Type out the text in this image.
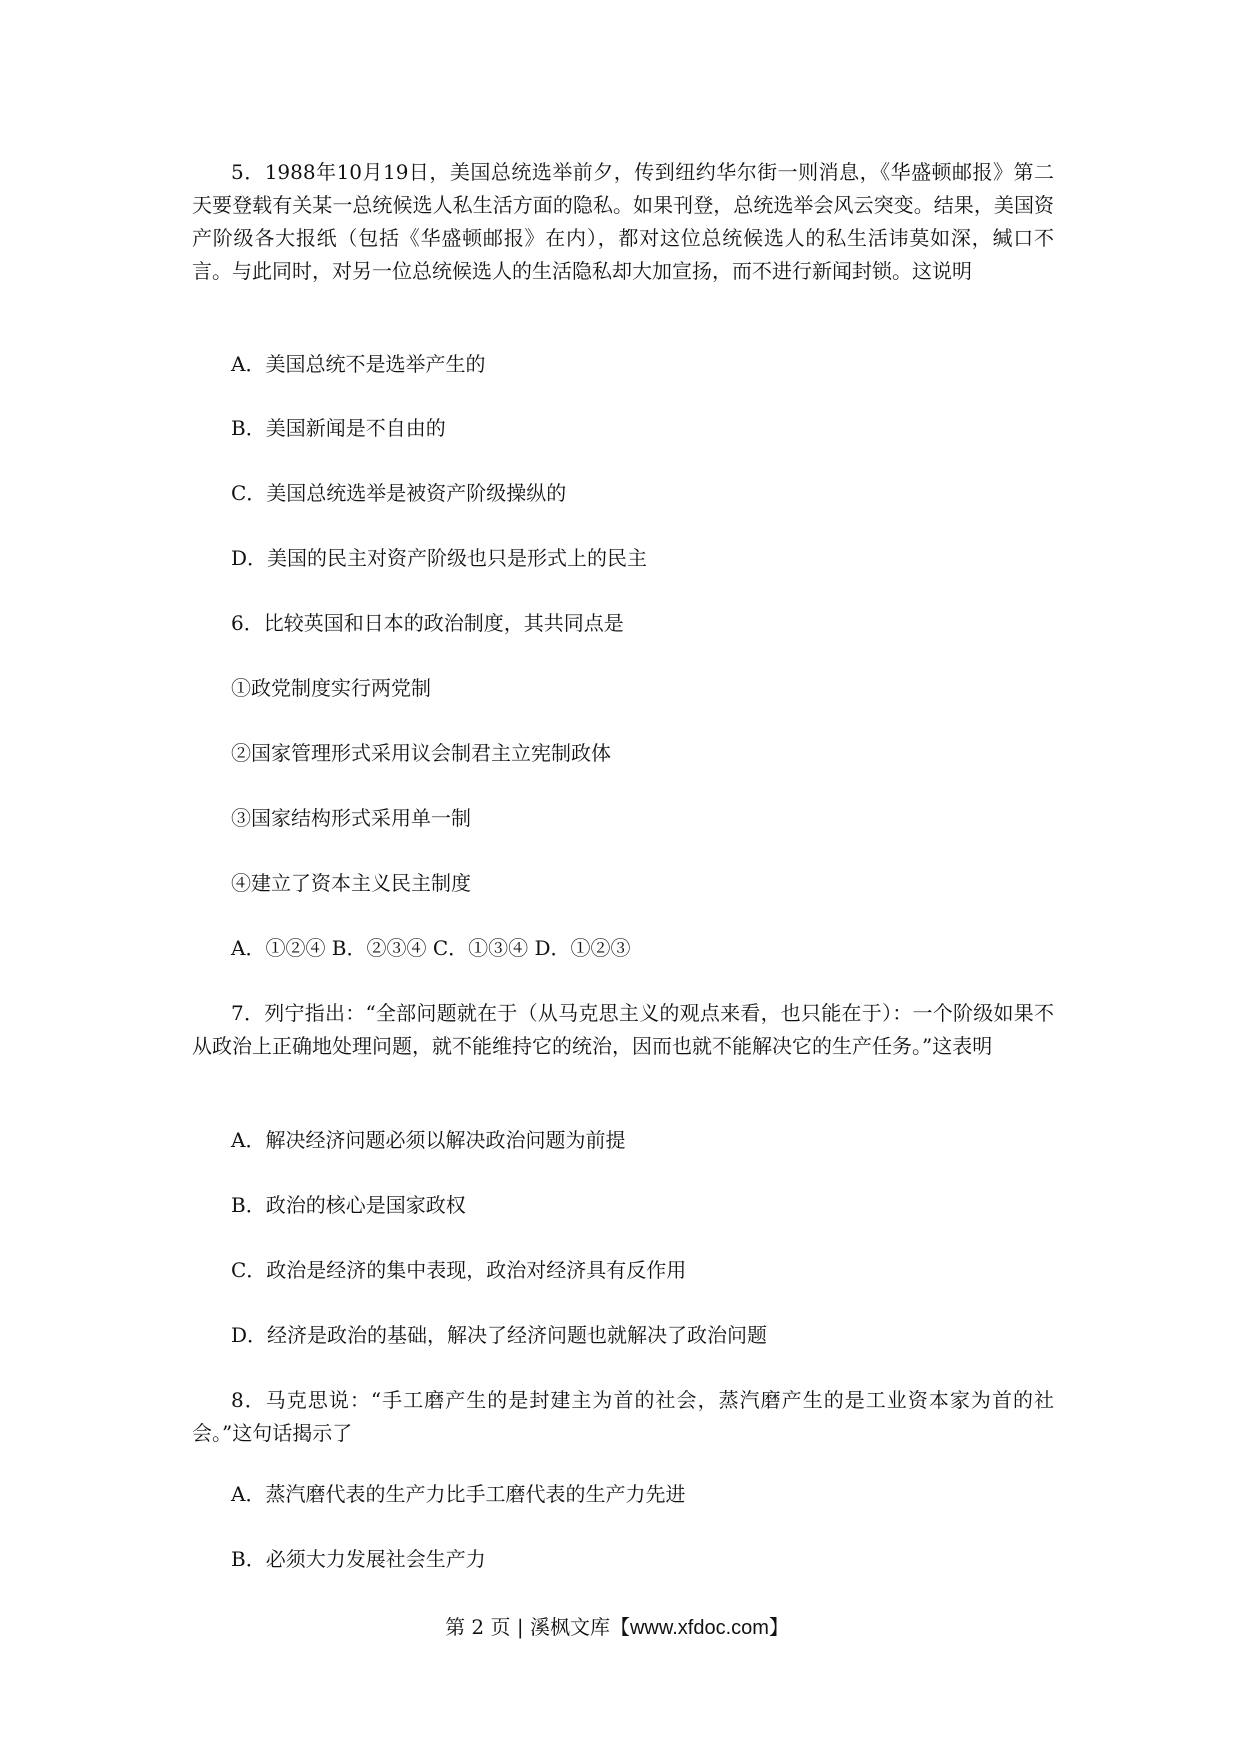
5．1988年10月19日，美国总统选举前夕，传到纽约华尔街一则消息，《华盛顿邮报》第二天要登载有关某一总统候选人私生活方面的隐私。如果刊登，总统选举会风云突变。结果，美国资产阶级各大报纸（包括《华盛顿邮报》在内），都对这位总统候选人的私生活讳莫如深，缄口不言。与此同时，对另一位总统候选人的生活隐私却大加宣扬，而不进行新闻封锁。这说明

A．美国总统不是选举产生的

B．美国新闻是不自由的

C．美国总统选举是被资产阶级操纵的

D．美国的民主对资产阶级也只是形式上的民主

6．比较英国和日本的政治制度，其共同点是

①政党制度实行两党制

②国家管理形式采用议会制君主立宪制政体

③国家结构形式采用单一制

④建立了资本主义民主制度

A．①②④ B．②③④ C．①③④ D．①②③

7．列宁指出：“全部问题就在于（从马克思主义的观点来看，也只能在于）：一个阶级如果不从政治上正确地处理问题，就不能维持它的统治，因而也就不能解决它的生产任务。”这表明

A．解决经济问题必须以解决政治问题为前提

B．政治的核心是国家政权

C．政治是经济的集中表现，政治对经济具有反作用

D．经济是政治的基础，解决了经济问题也就解决了政治问题

8．马克思说：“手工磨产生的是封建主为首的社会，蒸汽磨产生的是工业资本家为首的社会。”这句话揭示了

A．蒸汽磨代表的生产力比手工磨代表的生产力先进

B．必须大力发展社会生产力

第 2 页 | 溪枫文库【www.xfdoc.com】
